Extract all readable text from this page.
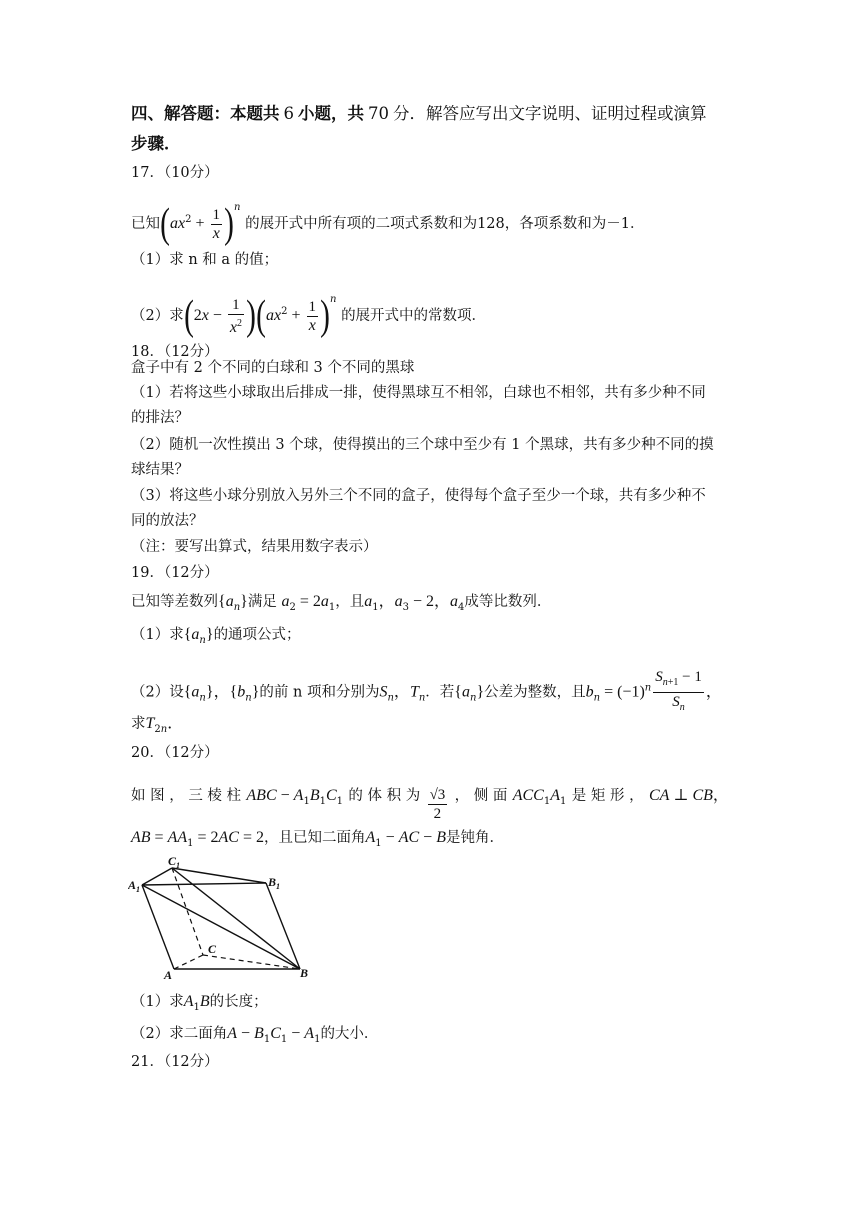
四、解答题：本题共 6 小题，共 70 分．解答应写出文字说明、证明过程或演算
步骤．
17．（10分）
已知$(ax^2 + \frac{1}{x} )^n$ 的展开式中所有项的二项式系数和为128，各项系数和为－1．
（1）求 n 和 a 的值；
（2）求$(2x - \frac{1}{x^2} )(ax^2 + \frac{1}{x} )^n$ 的展开式中的常数项．
18．（12分）
盒子中有 2 个不同的白球和 3 个不同的黑球
（1）若将这些小球取出后排成一排，使得黑球互不相邻，白球也不相邻，共有多少种不同
的排法？
（2）随机一次性摸出 3 个球，使得摸出的三个球中至少有 1 个黑球，共有多少种不同的摸
球结果？
（3）将这些小球分别放入另外三个不同的盒子，使得每个盒子至少一个球，共有多少种不
同的放法？
（注：要写出算式，结果用数字表示）
19．（12分）
已知等差数列$\{a_n\}$满足 $a_2 = 2a_1$，且$a_1$，$a_3 - 2$，$a_4$成等比数列．
（1）求$\{a_n\}$的通项公式；
（2）设$\{a_n\}$，$\{b_n\}$的前 n 项和分别为$S_n$，$T_n$．若$\{a_n\}$公差为整数，且$b_n = (-1)^n \frac{S_{n+1} - 1}{S_n}$ ，
求$T_{2n}$．
20．（12分）
如 图 ， 三 棱 柱 ABC − $A_1B_1C_1$ 的 体 积 为 $\frac{√3}{2}$ ， 侧 面 $ACC_1A_1$ 是 矩 形 ， CA ⊥ CB，
AB = $AA_1 = 2AC = 2$，且已知二面角$A_1$ − AC − B是钝角．
$A_1$
$C_1$
$B_1$
C
A	B
（1）求$A_1B$的长度；
（2）求二面角$A - B_1C_1 - A_1$的大小．
21．（12分）
